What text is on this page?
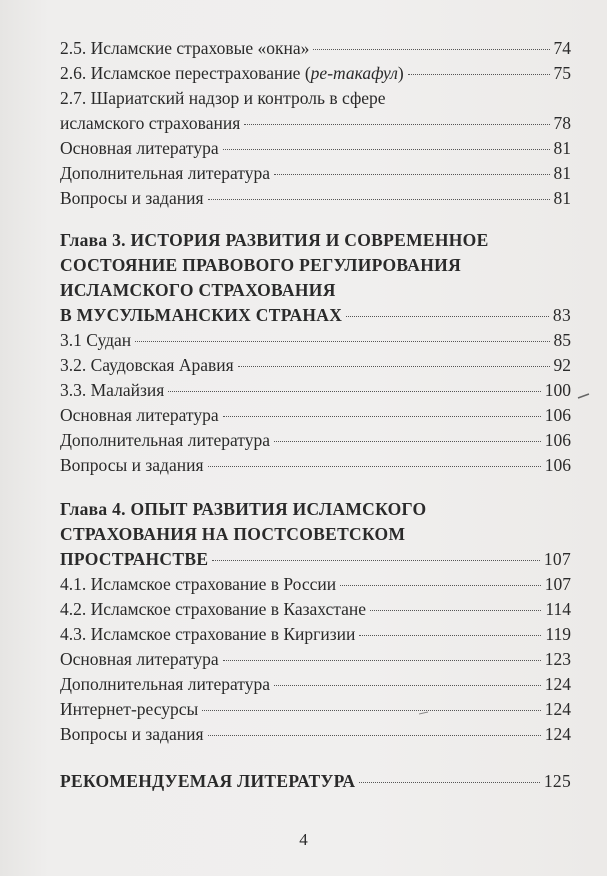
2.5. Исламские страховые «окна»	74
2.6. Исламское перестрахование (ре-такафул)	75
2.7. Шариатский надзор и контроль в сфере
исламского страхования	78
Основная литература	81
Дополнительная литература	81
Вопросы и задания	81
Глава 3. ИСТОРИЯ РАЗВИТИЯ И СОВРЕМЕННОЕ
СОСТОЯНИЕ ПРАВОВОГО РЕГУЛИРОВАНИЯ
ИСЛАМСКОГО СТРАХОВАНИЯ
В МУСУЛЬМАНСКИХ СТРАНАХ	83
3.1 Судан	85
3.2. Саудовская Аравия	92
3.3. Малайзия	100
Основная литература	106
Дополнительная литература	106
Вопросы и задания	106
Глава 4. ОПЫТ РАЗВИТИЯ ИСЛАМСКОГО
СТРАХОВАНИЯ НА ПОСТСОВЕТСКОМ
ПРОСТРАНСТВЕ	107
4.1. Исламское страхование в России	107
4.2. Исламское страхование в Казахстане	114
4.3. Исламское страхование в Киргизии	119
Основная литература	123
Дополнительная литература	124
Интернет-ресурсы	124
Вопросы и задания	124
РЕКОМЕНДУЕМАЯ ЛИТЕРАТУРА	125
4
